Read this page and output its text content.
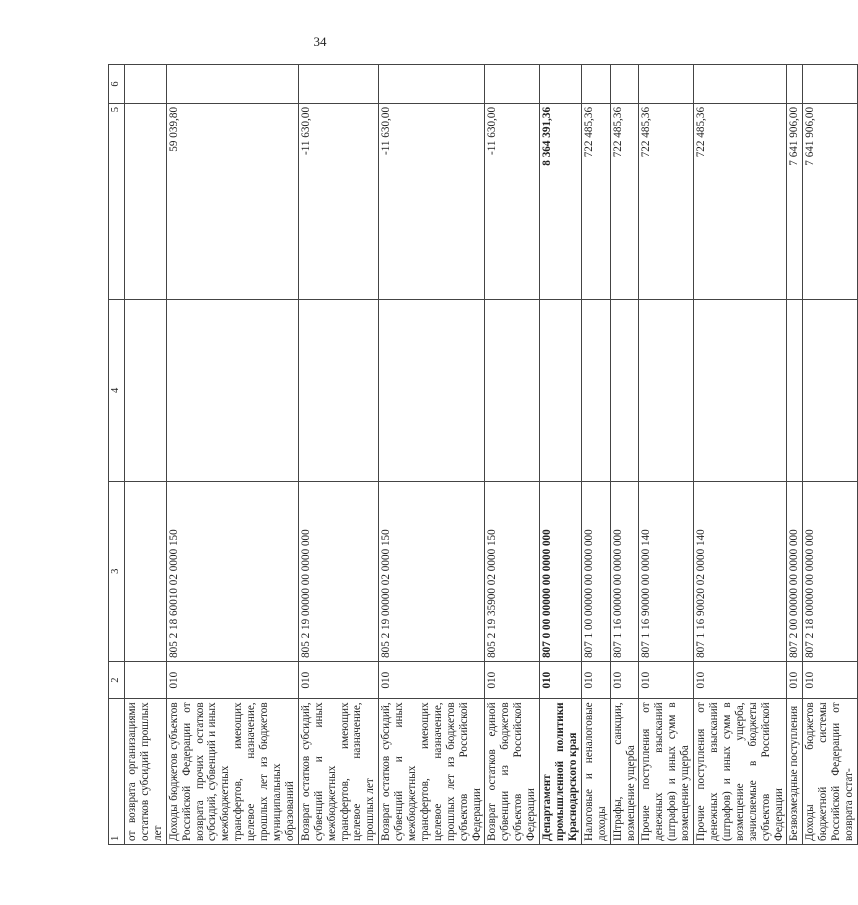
34
1	2	3	4	5	6
от возврата организациями остатков субсидий прошлых лет					
Доходы бюджетов субъектов Российской Федерации от возврата прочих остатков субсидий, субвенций и иных межбюджетных трансфертов, имеющих целевое назначение, прошлых лет из бюджетов муниципальных образований	010	805 2 18 60010 02 0000 150		59 039,80	
Возврат остатков субсидий, субвенций и иных межбюджетных трансфертов, имеющих целевое назначение, прошлых лет	010	805 2 19 00000 00 0000 000		-11 630,00	
Возврат остатков субсидий, субвенций и иных межбюджетных трансфертов, имеющих целевое назначение, прошлых лет из бюджетов субъектов Российской Федерации	010	805 2 19 00000 02 0000 150		-11 630,00	
Возврат остатков единой субвенции из бюджетов субъектов Российской Федерации	010	805 2 19 35900 02 0000 150		-11 630,00	
Департамент промышленной политики Краснодарского края	010	807 0 00 00000 00 0000 000		8 364 391,36	
Налоговые и неналоговые доходы	010	807 1 00 00000 00 0000 000		722 485,36	
Штрафы, санкции, возмещение ущерба	010	807 1 16 00000 00 0000 000		722 485,36	
Прочие поступления от денежных взысканий (штрафов) и иных сумм в возмещение ущерба	010	807 1 16 90000 00 0000 140		722 485,36	
Прочие поступления от денежных взысканий (штрафов) и иных сумм в возмещение ущерба, зачисляемые в бюджеты субъектов Российской Федерации	010	807 1 16 90020 02 0000 140		722 485,36	
Безвозмездные поступления	010	807 2 00 00000 00 0000 000		7 641 906,00	
Доходы бюджетов бюджетной системы Российской Федерации от возврата остат-	010	807 2 18 00000 00 0000 000		7 641 906,00	
